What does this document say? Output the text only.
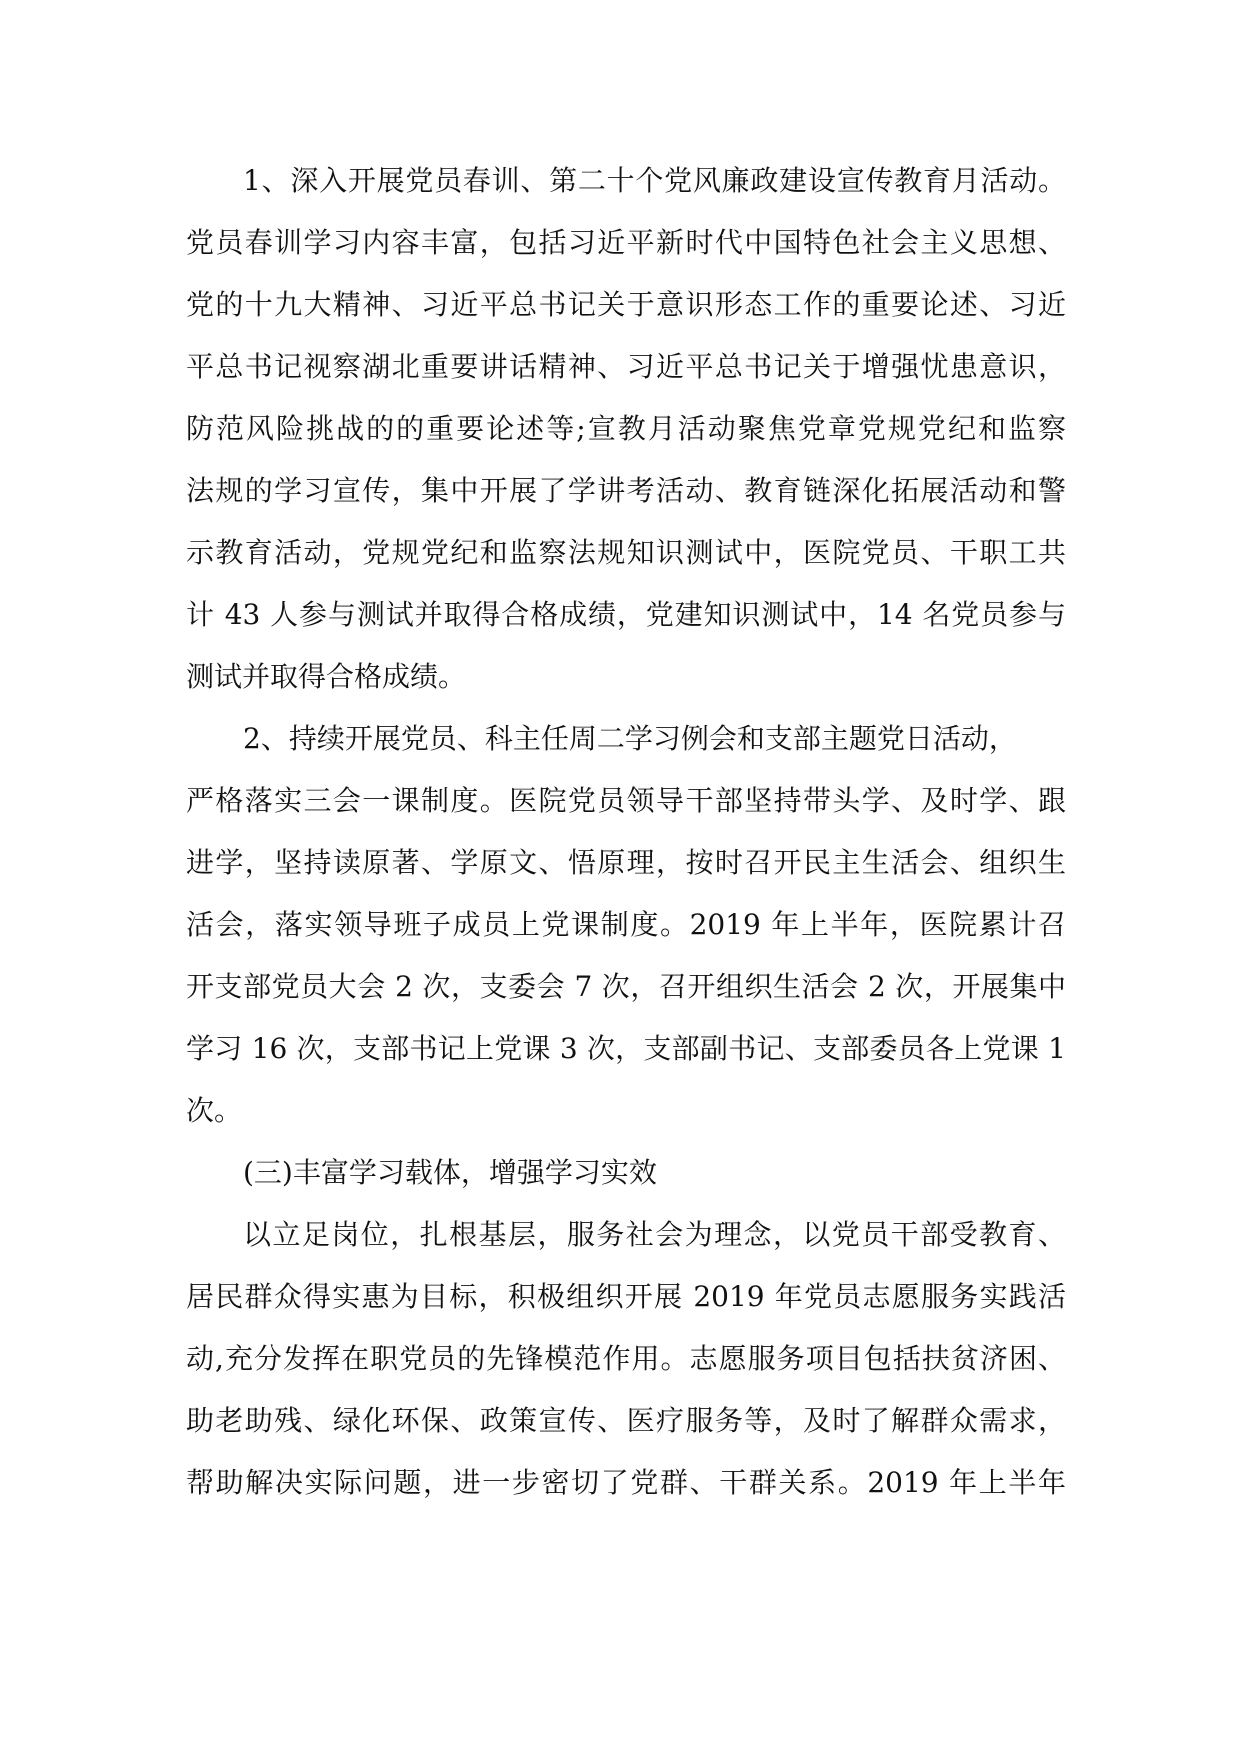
1、深入开展党员春训、第二十个党风廉政建设宣传教育月活动。
党员春训学习内容丰富，包括习近平新时代中国特色社会主义思想、
党的十九大精神、习近平总书记关于意识形态工作的重要论述、习近
平总书记视察湖北重要讲话精神、习近平总书记关于增强忧患意识，
防范风险挑战的的重要论述等;宣教月活动聚焦党章党规党纪和监察
法规的学习宣传，集中开展了学讲考活动、教育链深化拓展活动和警
示教育活动，党规党纪和监察法规知识测试中，医院党员、干职工共
计 43 人参与测试并取得合格成绩，党建知识测试中，14 名党员参与
测试并取得合格成绩。
2、持续开展党员、科主任周二学习例会和支部主题党日活动，
严格落实三会一课制度。医院党员领导干部坚持带头学、及时学、跟
进学，坚持读原著、学原文、悟原理，按时召开民主生活会、组织生
活会，落实领导班子成员上党课制度。2019 年上半年，医院累计召
开支部党员大会 2 次，支委会 7 次，召开组织生活会 2 次，开展集中
学习 16 次，支部书记上党课 3 次，支部副书记、支部委员各上党课 1
次。
(三)丰富学习载体，增强学习实效
以立足岗位，扎根基层，服务社会为理念，以党员干部受教育、
居民群众得实惠为目标，积极组织开展 2019 年党员志愿服务实践活
动,充分发挥在职党员的先锋模范作用。志愿服务项目包括扶贫济困、
助老助残、绿化环保、政策宣传、医疗服务等，及时了解群众需求，
帮助解决实际问题，进一步密切了党群、干群关系。2019 年上半年
